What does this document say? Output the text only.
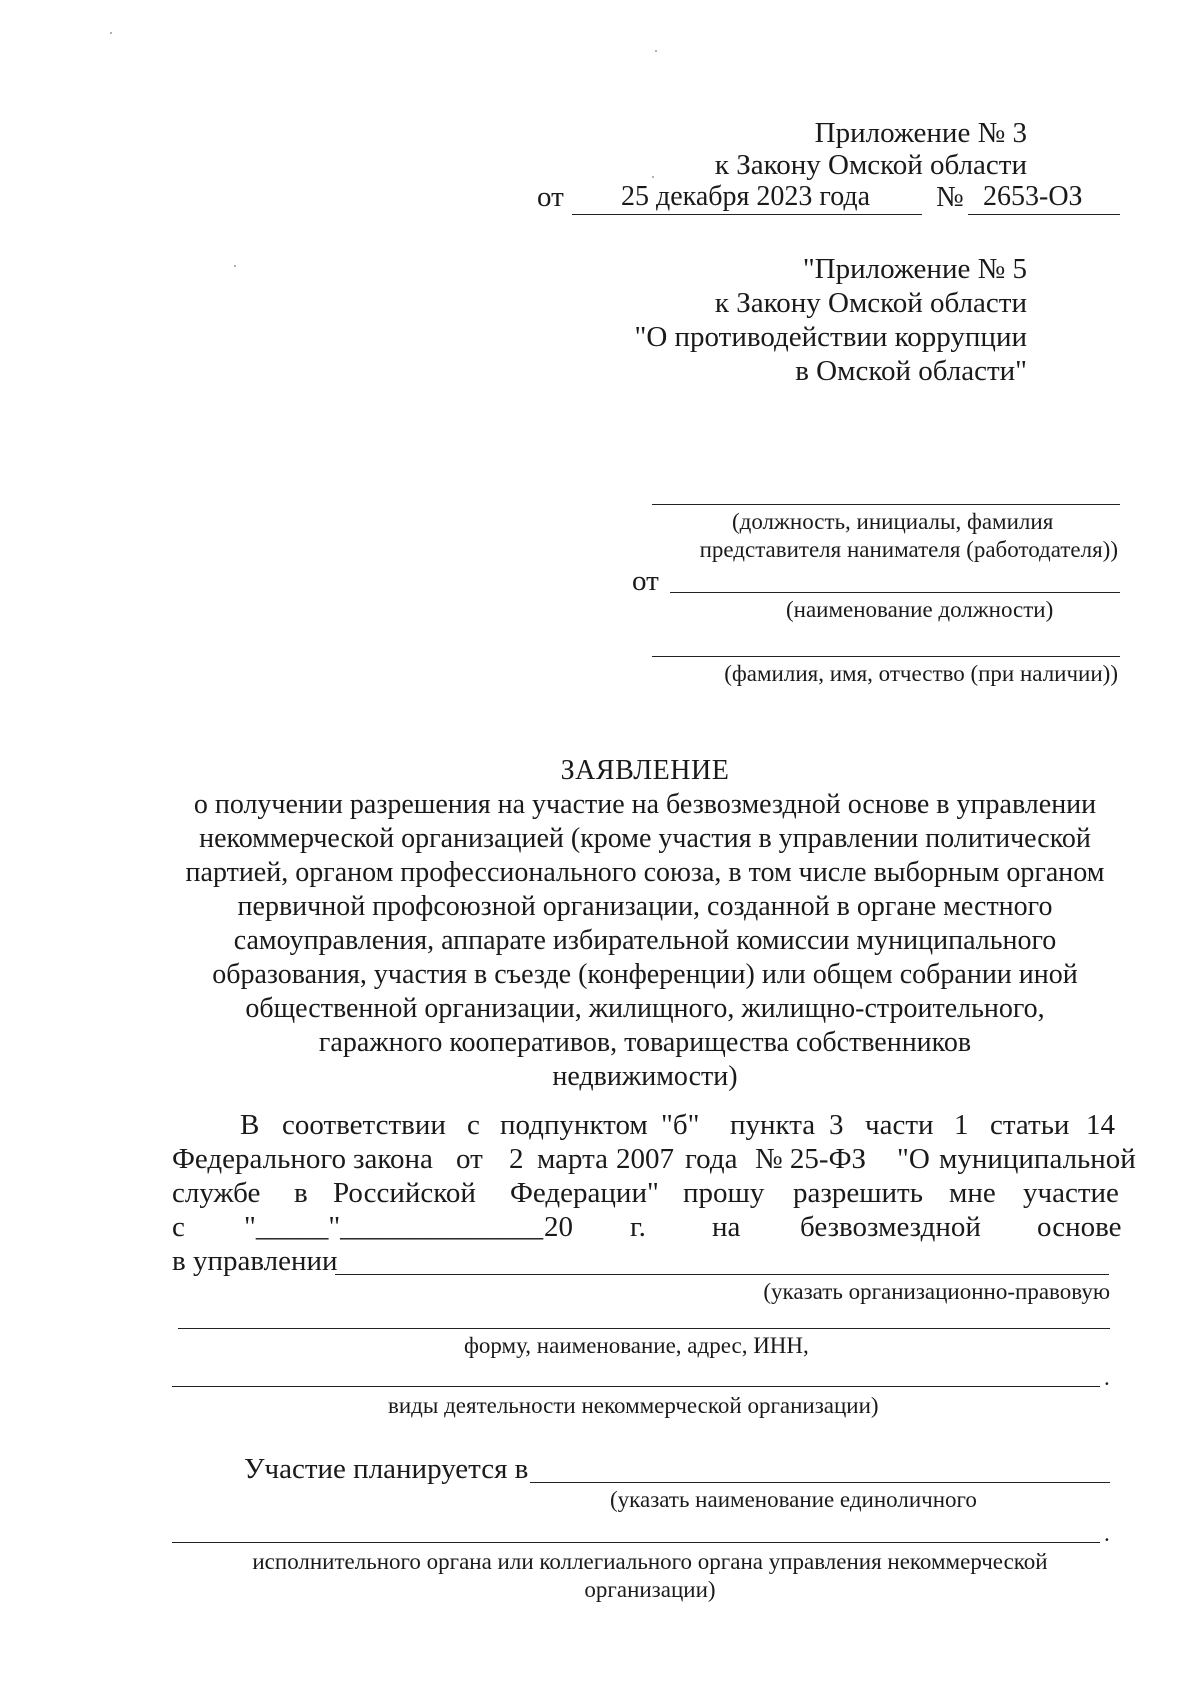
Приложение № 3
к Закону Омской области
от 25 декабря 2023 года № 2653-ОЗ
"Приложение № 5
к Закону Омской области
"О противодействии коррупции
в Омской области"
(должность, инициалы, фамилия
представителя нанимателя (работодателя))
от
(наименование должности)
(фамилия, имя, отчество (при наличии))
ЗАЯВЛЕНИЕ
о получении разрешения на участие на безвозмездной основе в управлении
некоммерческой организацией (кроме участия в управлении политической
партией, органом профессионального союза, в том числе выборным органом
первичной профсоюзной организации, созданной в органе местного
самоуправления, аппарате избирательной комиссии муниципального
образования, участия в съезде (конференции) или общем собрании иной
общественной организации, жилищного, жилищно-строительного,
гаражного кооперативов, товарищества собственников
недвижимости)
В соответствии с подпунктом "б" пункта 3 части 1 статьи 14
Федерального закона от 2 марта 2007 года № 25-ФЗ "О муниципальной
службе в Российской Федерации" прошу разрешить мне участие
с "_____"______________ 20 г. на безвозмездной основе
в управлении
(указать организационно-правовую
форму, наименование, адрес, ИНН,
.
виды деятельности некоммерческой организации)
Участие планируется в
(указать наименование единоличного
.
исполнительного органа или коллегиального органа управления некоммерческой
организации)
